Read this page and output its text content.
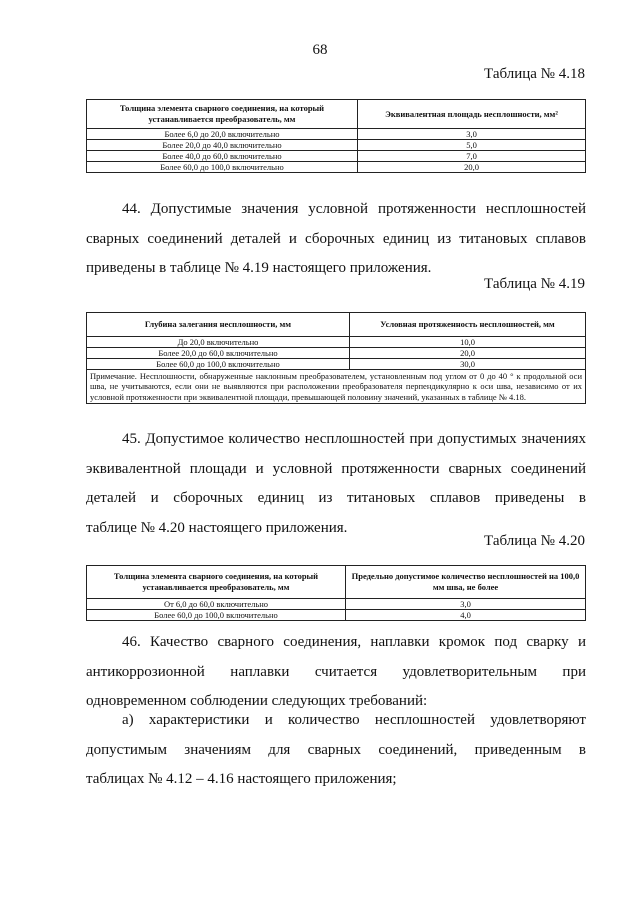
68
Таблица № 4.18
Толщина элемента сварного соединения, на который устанавливается преобразователь, мм	Эквивалентная площадь несплошности, мм²
Более 6,0 до 20,0 включительно	3,0
Более 20,0 до 40,0 включительно	5,0
Более 40,0 до 60,0 включительно	7,0
Более 60,0 до 100,0 включительно	20,0
44. Допустимые значения условной протяженности несплошностей
сварных соединений деталей и сборочных единиц из титановых сплавов
приведены в таблице № 4.19 настоящего приложения.
Таблица № 4.19
Глубина залегания несплошности, мм	Условная протяженность несплошностей, мм
До 20,0 включительно	10,0
Более 20,0 до 60,0 включительно	20,0
Более 60,0 до 100,0 включительно	30,0
Примечание. Несплошности, обнаруженные наклонным преобразователем, установленным под углом от 0 до 40 ° к продольной оси шва, не учитываются, если они не выявляются при расположении преобразователя перпендикулярно к оси шва, независимо от их условной протяженности при эквивалентной площади, превышающей половину значений, указанных в таблице № 4.18.	
45. Допустимое количество несплошностей при допустимых значениях
эквивалентной площади и условной протяженности сварных соединений
деталей и сборочных единиц из титановых сплавов приведены в
таблице № 4.20 настоящего приложения.
Таблица № 4.20
Толщина элемента сварного соединения, на который устанавливается преобразователь, мм	Предельно допустимое количество несплошностей на 100,0 мм шва, не более
От 6,0 до 60,0 включительно	3,0
Более 60,0 до 100,0 включительно	4,0
46. Качество сварного соединения, наплавки кромок под сварку и
антикоррозионной наплавки считается удовлетворительным при
одновременном соблюдении следующих требований:
а) характеристики и количество несплошностей удовлетворяют
допустимым значениям для сварных соединений, приведенным в
таблицах № 4.12 – 4.16 настоящего приложения;
